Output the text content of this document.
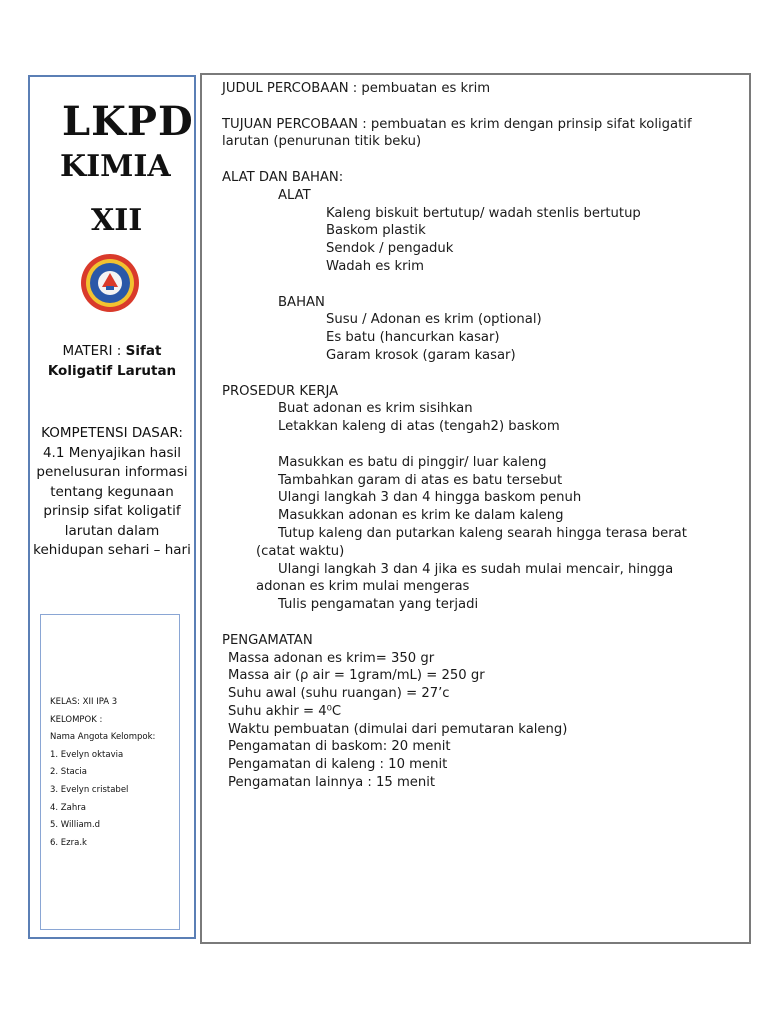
LKPD
KIMIA
XII
MATERI : Sifat Koligatif Larutan
KOMPETENSI DASAR:
4.1 Menyajikan hasil penelusuran informasi tentang kegunaan prinsip sifat koligatif larutan dalam kehidupan sehari – hari
KELAS: XII IPA 3
KELOMPOK :
Nama Angota Kelompok:
1. Evelyn oktavia
2. Stacia
3. Evelyn cristabel
4. Zahra
5. William.d
6. Ezra.k
JUDUL PERCOBAAN : pembuatan es krim
TUJUAN PERCOBAAN : pembuatan es krim dengan prinsip sifat koligatif
larutan (penurunan titik beku)
ALAT DAN BAHAN:
ALAT
Kaleng biskuit bertutup/ wadah stenlis bertutup
Baskom plastik
Sendok / pengaduk
Wadah es krim
BAHAN
Susu / Adonan es krim (optional)
Es batu (hancurkan kasar)
Garam krosok (garam kasar)
PROSEDUR KERJA
Buat adonan es krim sisihkan
Letakkan kaleng di atas (tengah2) baskom
Masukkan es batu di pinggir/ luar kaleng
Tambahkan garam di atas es batu tersebut
Ulangi langkah 3 dan 4 hingga baskom penuh
Masukkan adonan es krim ke dalam kaleng
Tutup kaleng dan putarkan kaleng searah hingga terasa berat
(catat waktu)
Ulangi langkah 3 dan 4 jika es sudah mulai mencair, hingga
adonan es krim mulai mengeras
Tulis pengamatan yang terjadi
PENGAMATAN
Massa adonan es krim= 350 gr
Massa air (ρ air = 1gram/mL) = 250 gr
Suhu awal (suhu ruangan) = 27’c
Suhu akhir = 4⁰C
Waktu pembuatan (dimulai dari pemutaran kaleng)
Pengamatan di baskom: 20 menit
Pengamatan di kaleng : 10 menit
Pengamatan lainnya : 15 menit
